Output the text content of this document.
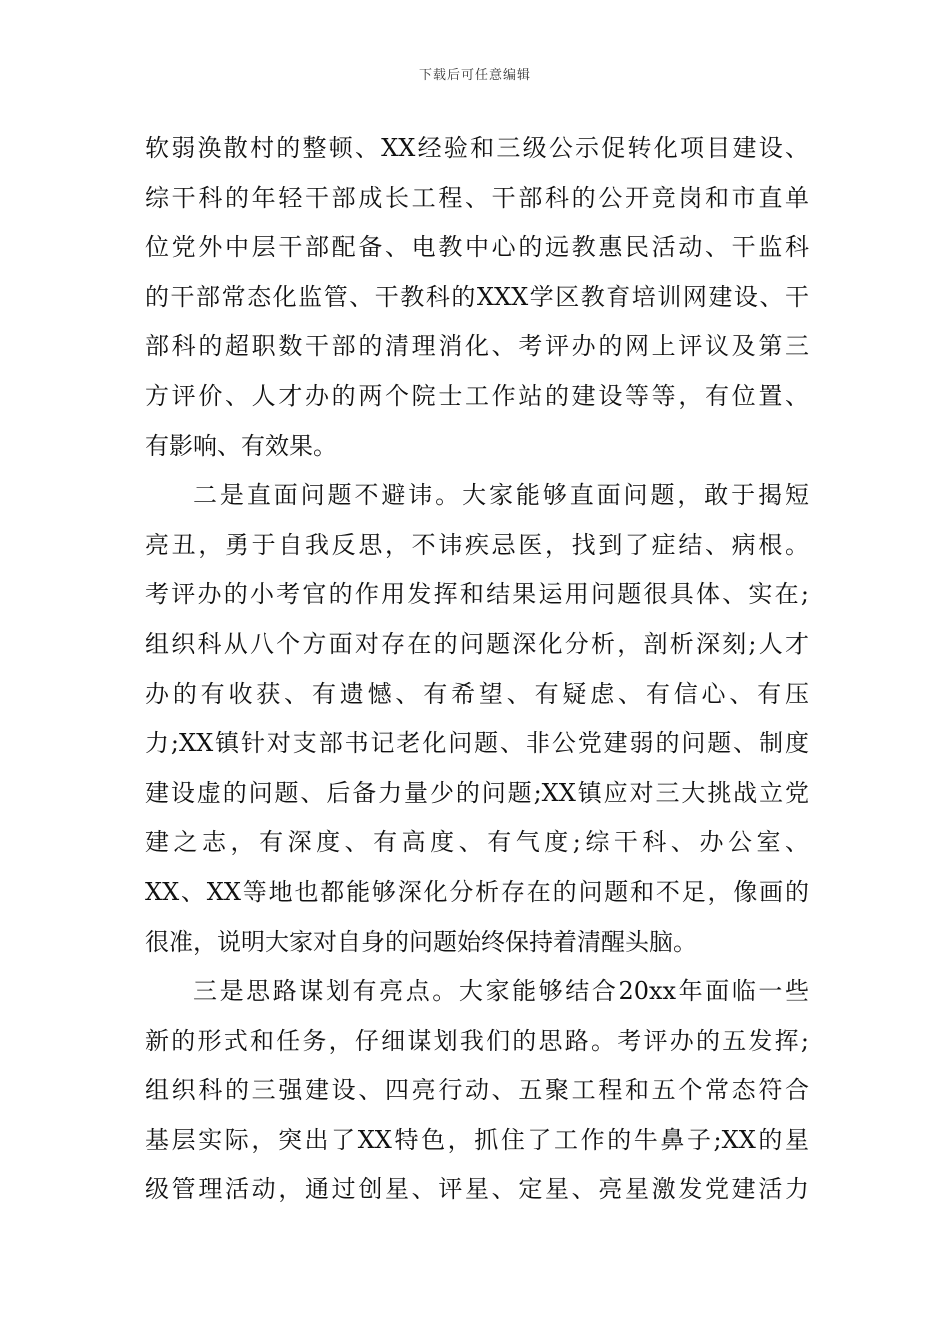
下载后可任意编辑
软弱涣散村的整顿、XX经验和三级公示促转化项目建设、
综干科的年轻干部成长工程、干部科的公开竞岗和市直单
位党外中层干部配备、电教中心的远教惠民活动、干监科
的干部常态化监管、干教科的XXX学区教育培训网建设、干
部科的超职数干部的清理消化、考评办的网上评议及第三
方评价、人才办的两个院士工作站的建设等等，有位置、
有影响、有效果。
二是直面问题不避讳。大家能够直面问题，敢于揭短
亮丑，勇于自我反思，不讳疾忌医，找到了症结、病根。
考评办的小考官的作用发挥和结果运用问题很具体、实在;
组织科从八个方面对存在的问题深化分析，剖析深刻;人才
办的有收获、有遗憾、有希望、有疑虑、有信心、有压
力;XX镇针对支部书记老化问题、非公党建弱的问题、制度
建设虚的问题、后备力量少的问题;XX镇应对三大挑战立党
建之志，有深度、有高度、有气度;综干科、办公室、
XX、XX等地也都能够深化分析存在的问题和不足，像画的
很准，说明大家对自身的问题始终保持着清醒头脑。
三是思路谋划有亮点。大家能够结合20xx年面临一些
新的形式和任务，仔细谋划我们的思路。考评办的五发挥;
组织科的三强建设、四亮行动、五聚工程和五个常态符合
基层实际，突出了XX特色，抓住了工作的牛鼻子;XX的星
级管理活动，通过创星、评星、定星、亮星激发党建活力
